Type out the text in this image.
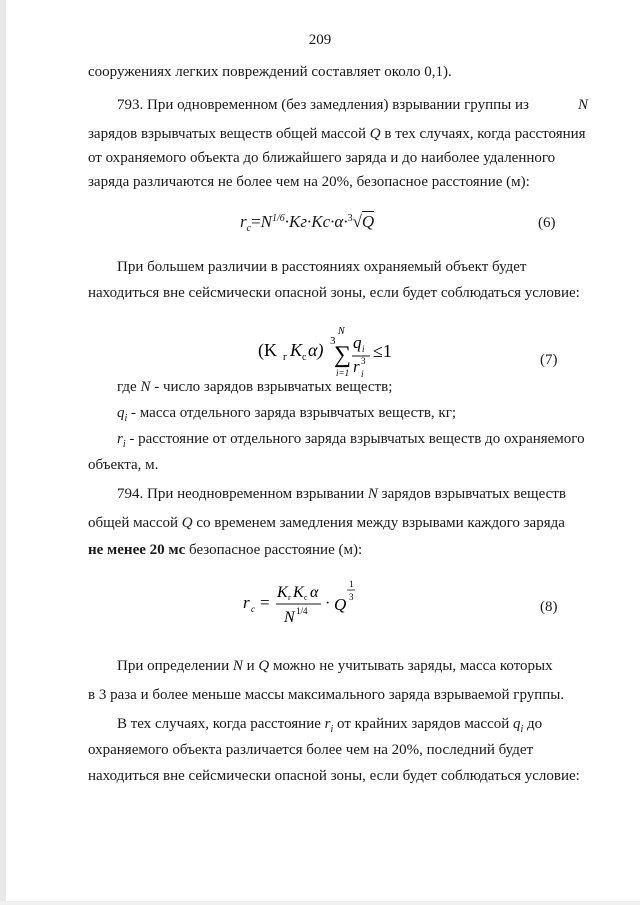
209
сооружениях легких повреждений составляет около 0,1).
793. При одновременном (без замедления) взрывании группы из	N
зарядов взрывчатых веществ общей массой Q в тех случаях, когда расстояния
от охраняемого объекта до ближайшего заряда и до наиболее удаленного
заряда различаются не более чем на 20%, безопасное расстояние (м):
$r_c=N^{1/6}\cdot Kг\cdot Kс\cdot\alpha\cdot^3√Q$	(6)
При большем различии в расстояниях охраняемый объект будет
находиться вне сейсмически опасной зоны, если будет соблюдаться условие:
(K г K с α) 3
N
∑
i=1
q i
r 3
i
≤1	(7)
где N - число зарядов взрывчатых веществ;
$q_i$ - масса отдельного заряда взрывчатых веществ, кг;
$r_i$ - расстояние от отдельного заряда взрывчатых веществ до охраняемого
объекта, м.
794. При неодновременном взрывании N зарядов взрывчатых веществ
общей массой Q со временем замедления между взрывами каждого заряда
не менее 20 мс безопасное расстояние (м):
r c =
K г K с α
N 1/4 · Q
1
3
(8)
При определении N и Q можно не учитывать заряды, масса которых
в 3 раза и более меньше массы максимального заряда взрываемой группы.
В тех случаях, когда расстояние $r_i$ от крайних зарядов массой $q_i$ до
охраняемого объекта различается более чем на 20%, последний будет
находиться вне сейсмически опасной зоны, если будет соблюдаться условие:
